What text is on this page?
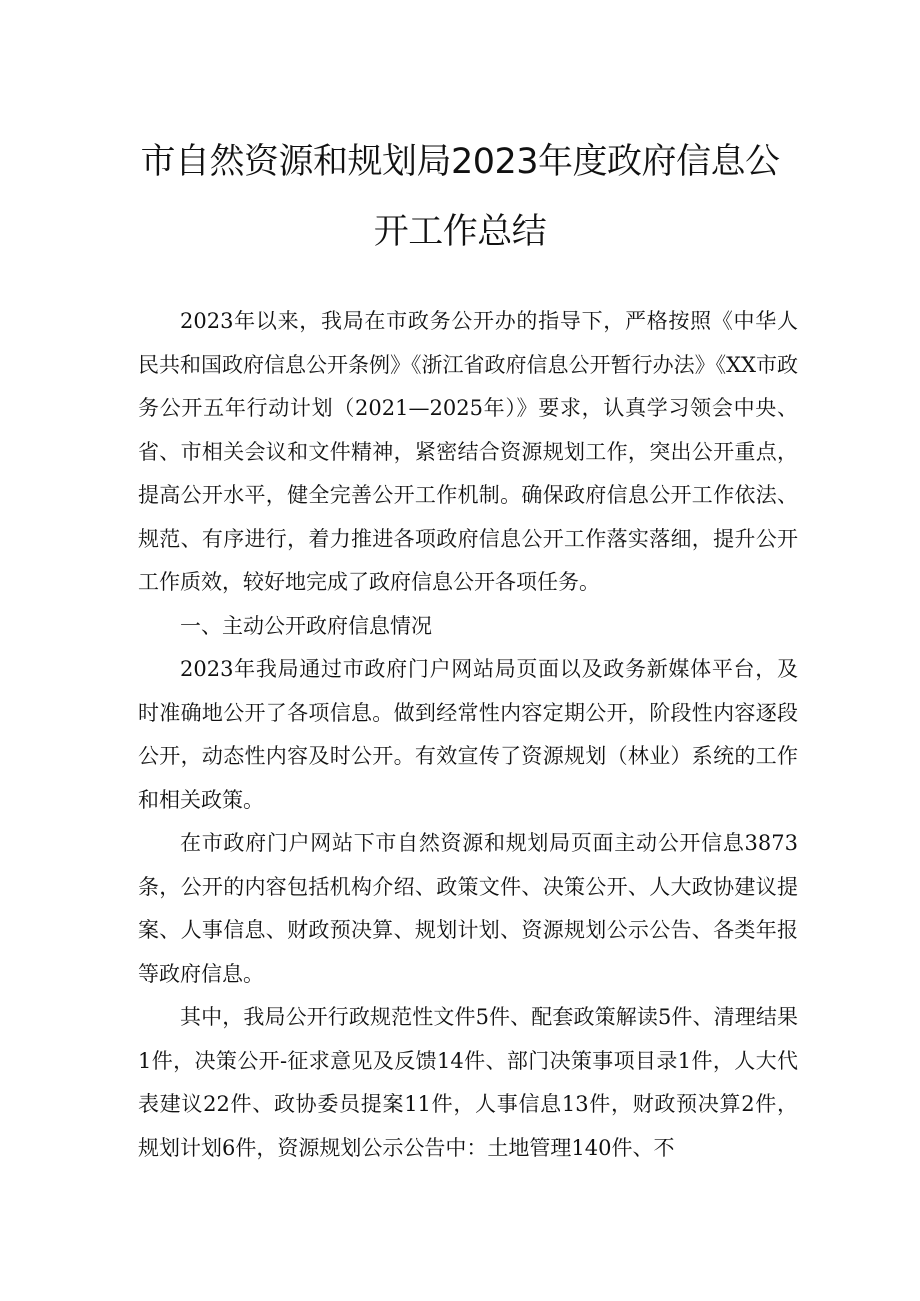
市自然资源和规划局2023年度政府信息公
开工作总结

2023年以来，我局在市政务公开办的指导下，严格按照《中华人民共和国政府信息公开条例》《浙江省政府信息公开暂行办法》《XX市政务公开五年行动计划（2021—2025年）》要求，认真学习领会中央、省、市相关会议和文件精神，紧密结合资源规划工作，突出公开重点，提高公开水平，健全完善公开工作机制。确保政府信息公开工作依法、规范、有序进行，着力推进各项政府信息公开工作落实落细，提升公开工作质效，较好地完成了政府信息公开各项任务。

一、主动公开政府信息情况

2023年我局通过市政府门户网站局页面以及政务新媒体平台，及时准确地公开了各项信息。做到经常性内容定期公开，阶段性内容逐段公开，动态性内容及时公开。有效宣传了资源规划（林业）系统的工作和相关政策。

在市政府门户网站下市自然资源和规划局页面主动公开信息3873条，公开的内容包括机构介绍、政策文件、决策公开、人大政协建议提案、人事信息、财政预决算、规划计划、资源规划公示公告、各类年报等政府信息。

其中，我局公开行政规范性文件5件、配套政策解读5件、清理结果1件，决策公开-征求意见及反馈14件、部门决策事项目录1件，人大代表建议22件、政协委员提案11件，人事信息13件，财政预决算2件，规划计划6件，资源规划公示公告中：土地管理140件、不
